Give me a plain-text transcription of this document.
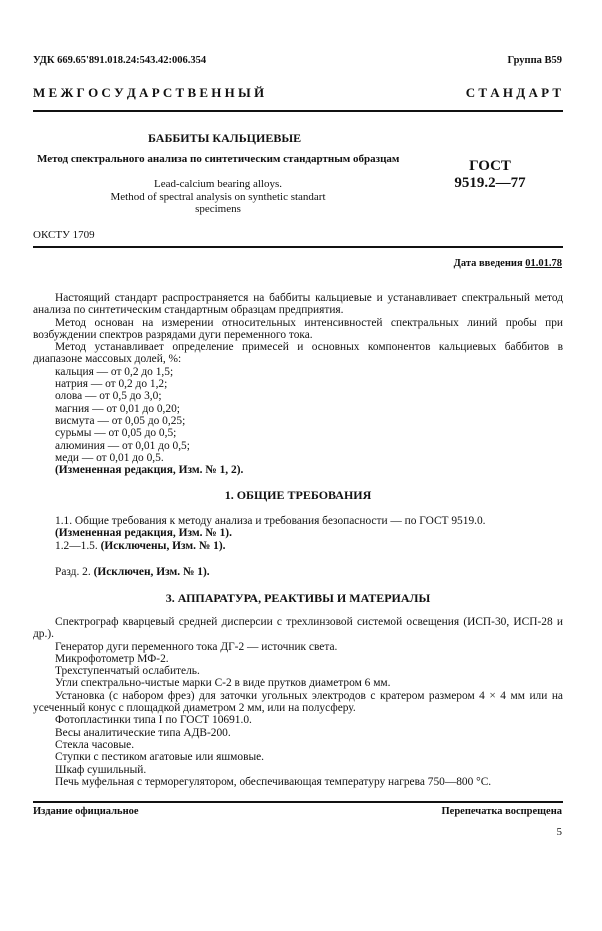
УДК 669.65'891.018.24:543.42:006.354	Группа В59
М Е Ж Г О С У Д А Р С Т В Е Н Н Ы Й	С Т А Н Д А Р Т
БАББИТЫ КАЛЬЦИЕВЫЕ
Метод спектрального анализа по синтетическим стандартным образцам
Lead-calcium bearing alloys.
Method of spectral analysis on synthetic standart specimens
ГОСТ
9519.2—77
ОКСТУ 1709
Дата введения 01.01.78

Настоящий стандарт распространяется на баббиты кальциевые и устанавливает спектральный метод анализа по синтетическим стандартным образцам предприятия.

Метод основан на измерении относительных интенсивностей спектральных линий пробы при возбуждении спектров разрядами дуги переменного тока.

Метод устанавливает определение примесей и основных компонентов кальциевых баббитов в диапазоне массовых долей, %:

кальция — от 0,2 до 1,5;

натрия — от 0,2 до 1,2;

олова — от 0,5 до 3,0;

магния — от 0,01 до 0,20;

висмута — от 0,05 до 0,25;

сурьмы — от 0,05 до 0,5;

алюминия — от 0,01 до 0,5;

меди — от 0,01 до 0,5.

(Измененная редакция, Изм. № 1, 2).

1. ОБЩИЕ ТРЕБОВАНИЯ

1.1. Общие требования к методу анализа и требования безопасности — по ГОСТ 9519.0.

(Измененная редакция, Изм. № 1).

1.2—1.5. (Исключены, Изм. № 1).

Разд. 2. (Исключен, Изм. № 1).

3. АППАРАТУРА, РЕАКТИВЫ И МАТЕРИАЛЫ

Спектрограф кварцевый средней дисперсии с трехлинзовой системой освещения (ИСП-30, ИСП-28 и др.).

Генератор дуги переменного тока ДГ-2 — источник света.

Микрофотометр МФ-2.

Трехступенчатый ослабитель.

Угли спектрально-чистые марки С-2 в виде прутков диаметром 6 мм.

Установка (с набором фрез) для заточки угольных электродов с кратером размером 4 × 4 мм или на усеченный конус с площадкой диаметром 2 мм, или на полусферу.

Фотопластинки типа I по ГОСТ 10691.0.

Весы аналитические типа АДВ-200.

Стекла часовые.

Ступки с пестиком агатовые или яшмовые.

Шкаф сушильный.

Печь муфельная с терморегулятором, обеспечивающая температуру нагрева 750—800 °С.

Издание официальное	Перепечатка воспрещена
5
